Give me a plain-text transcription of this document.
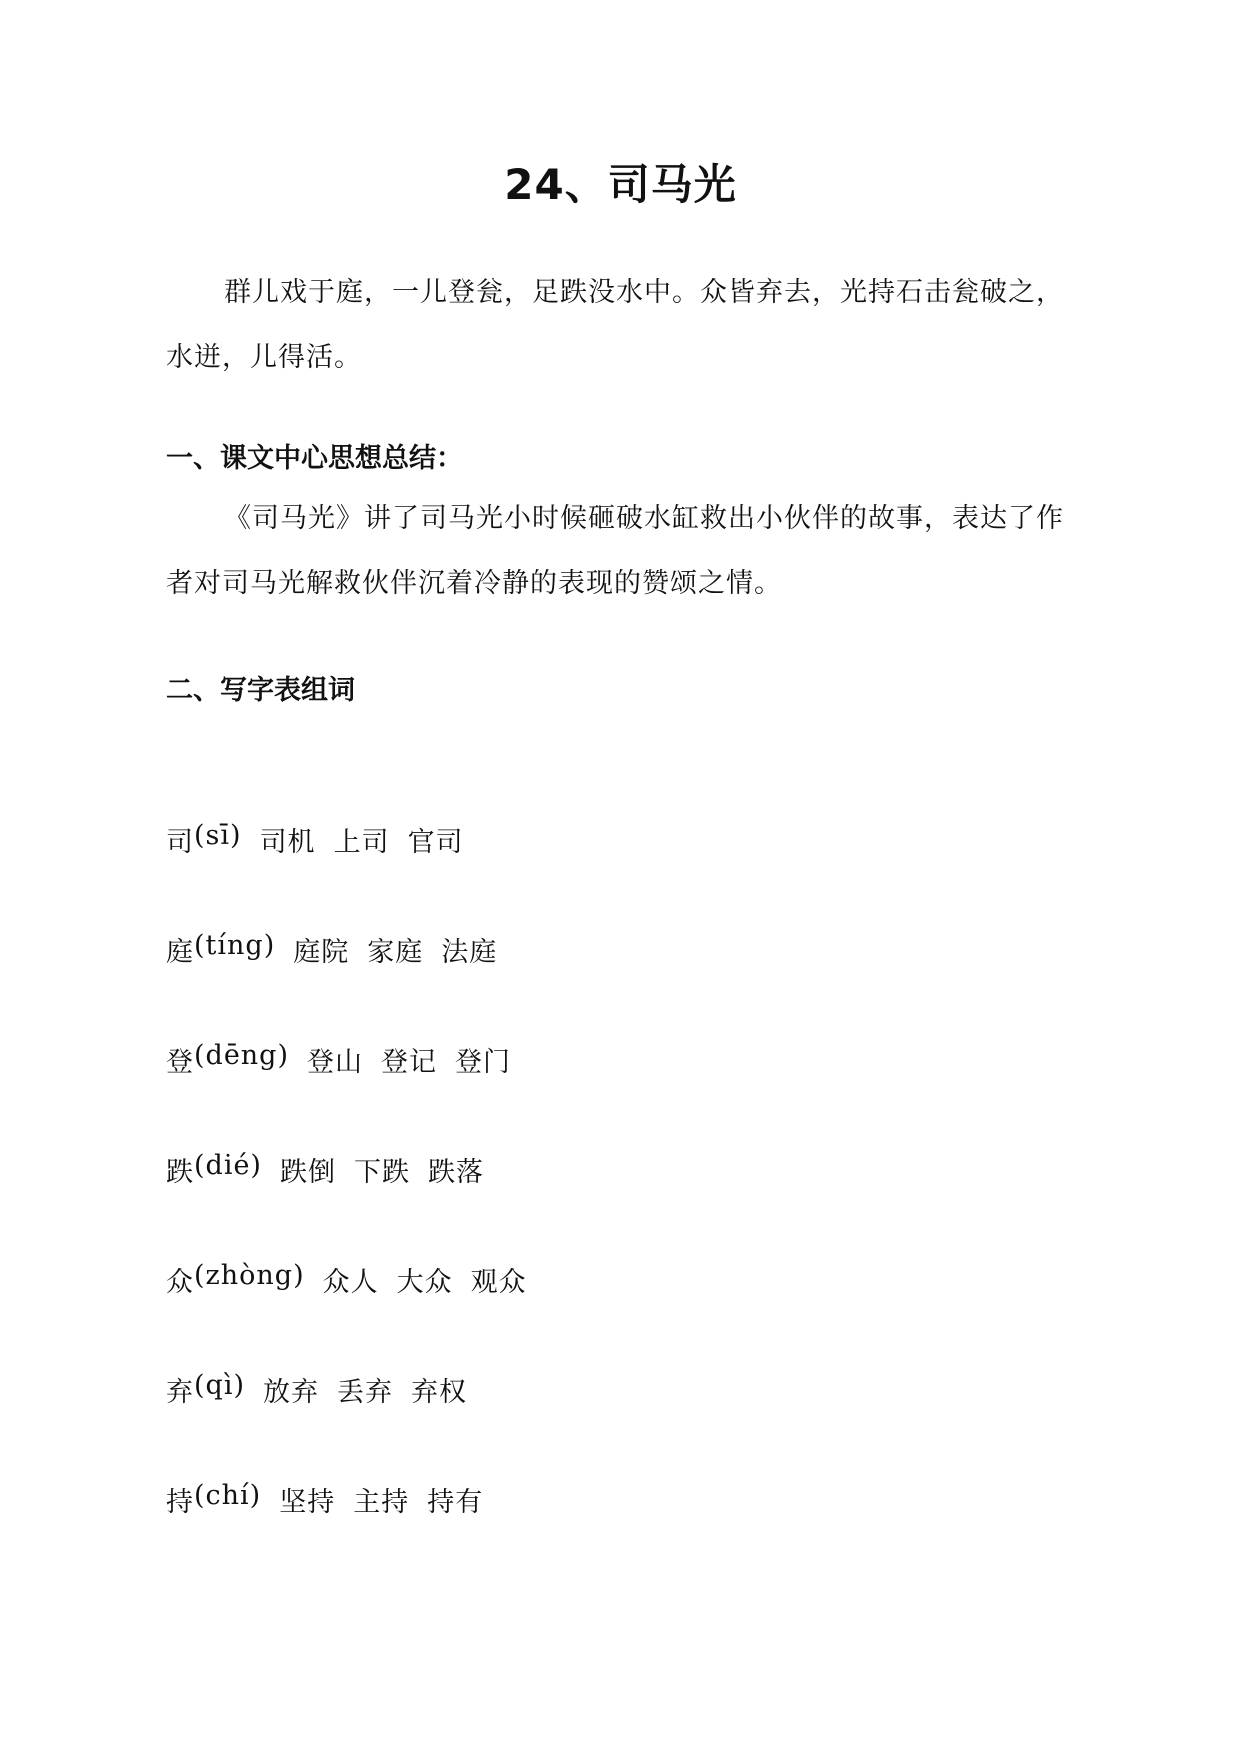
24、司马光

群儿戏于庭，一儿登瓮，足跌没水中。众皆弃去，光持石击瓮破之，水迸，儿得活。

一、课文中心思想总结：

《司马光》讲了司马光小时候砸破水缸救出小伙伴的故事，表达了作者对司马光解救伙伴沉着冷静的表现的赞颂之情。

二、写字表组词

司 (sī) 司机 上司 官司
庭 (tíng) 庭院 家庭 法庭
登 (dēng) 登山 登记 登门
跌 (dié) 跌倒 下跌 跌落
众 (zhòng) 众人 大众 观众
弃 (qì) 放弃 丢弃 弃权
持 (chí) 坚持 主持 持有
